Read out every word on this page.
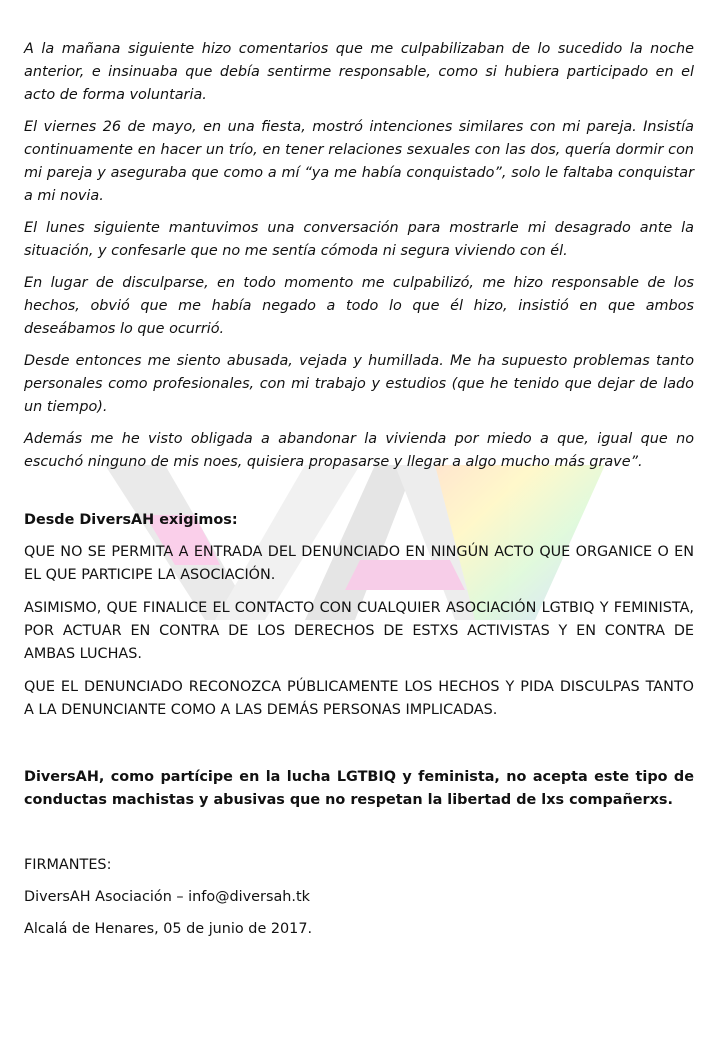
A la mañana siguiente hizo comentarios que me culpabilizaban de lo sucedido la noche anterior, e insinuaba que debía sentirme responsable, como si hubiera participado en el acto de forma voluntaria.

El viernes 26 de mayo, en una fiesta, mostró intenciones similares con mi pareja. Insistía continuamente en hacer un trío, en tener relaciones sexuales con las dos, quería dormir con mi pareja y aseguraba que como a mí “ya me había conquistado”, solo le faltaba conquistar a mi novia.

El lunes siguiente mantuvimos una conversación para mostrarle mi desagrado ante la situación, y confesarle que no me sentía cómoda ni segura viviendo con él.

En lugar de disculparse, en todo momento me culpabilizó, me hizo responsable de los hechos, obvió que me había negado a todo lo que él hizo, insistió en que ambos deseábamos lo que ocurrió.

Desde entonces me siento abusada, vejada y humillada. Me ha supuesto problemas tanto personales como profesionales, con mi trabajo y estudios (que he tenido que dejar de lado un tiempo).

Además me he visto obligada a abandonar la vivienda por miedo a que, igual que no escuchó ninguno de mis noes, quisiera propasarse y llegar a algo mucho más grave”.

Desde DiversAH exigimos:

QUE NO SE PERMITA A ENTRADA DEL DENUNCIADO EN NINGÚN ACTO QUE ORGANICE O EN EL QUE PARTICIPE LA ASOCIACIÓN.

ASIMISMO, QUE FINALICE EL CONTACTO CON CUALQUIER ASOCIACIÓN LGTBIQ Y FEMINISTA, POR ACTUAR EN CONTRA DE LOS DERECHOS DE ESTXS ACTIVISTAS Y EN CONTRA DE AMBAS LUCHAS.

QUE EL DENUNCIADO RECONOZCA PÚBLICAMENTE LOS HECHOS Y PIDA DISCULPAS TANTO A LA DENUNCIANTE COMO A LAS DEMÁS PERSONAS IMPLICADAS.

DiversAH, como partícipe en la lucha LGTBIQ y feminista, no acepta este tipo de conductas machistas y abusivas que no respetan la libertad de lxs compañerxs.

FIRMANTES:

DiversAH Asociación – info@diversah.tk

Alcalá de Henares, 05 de junio de 2017.
